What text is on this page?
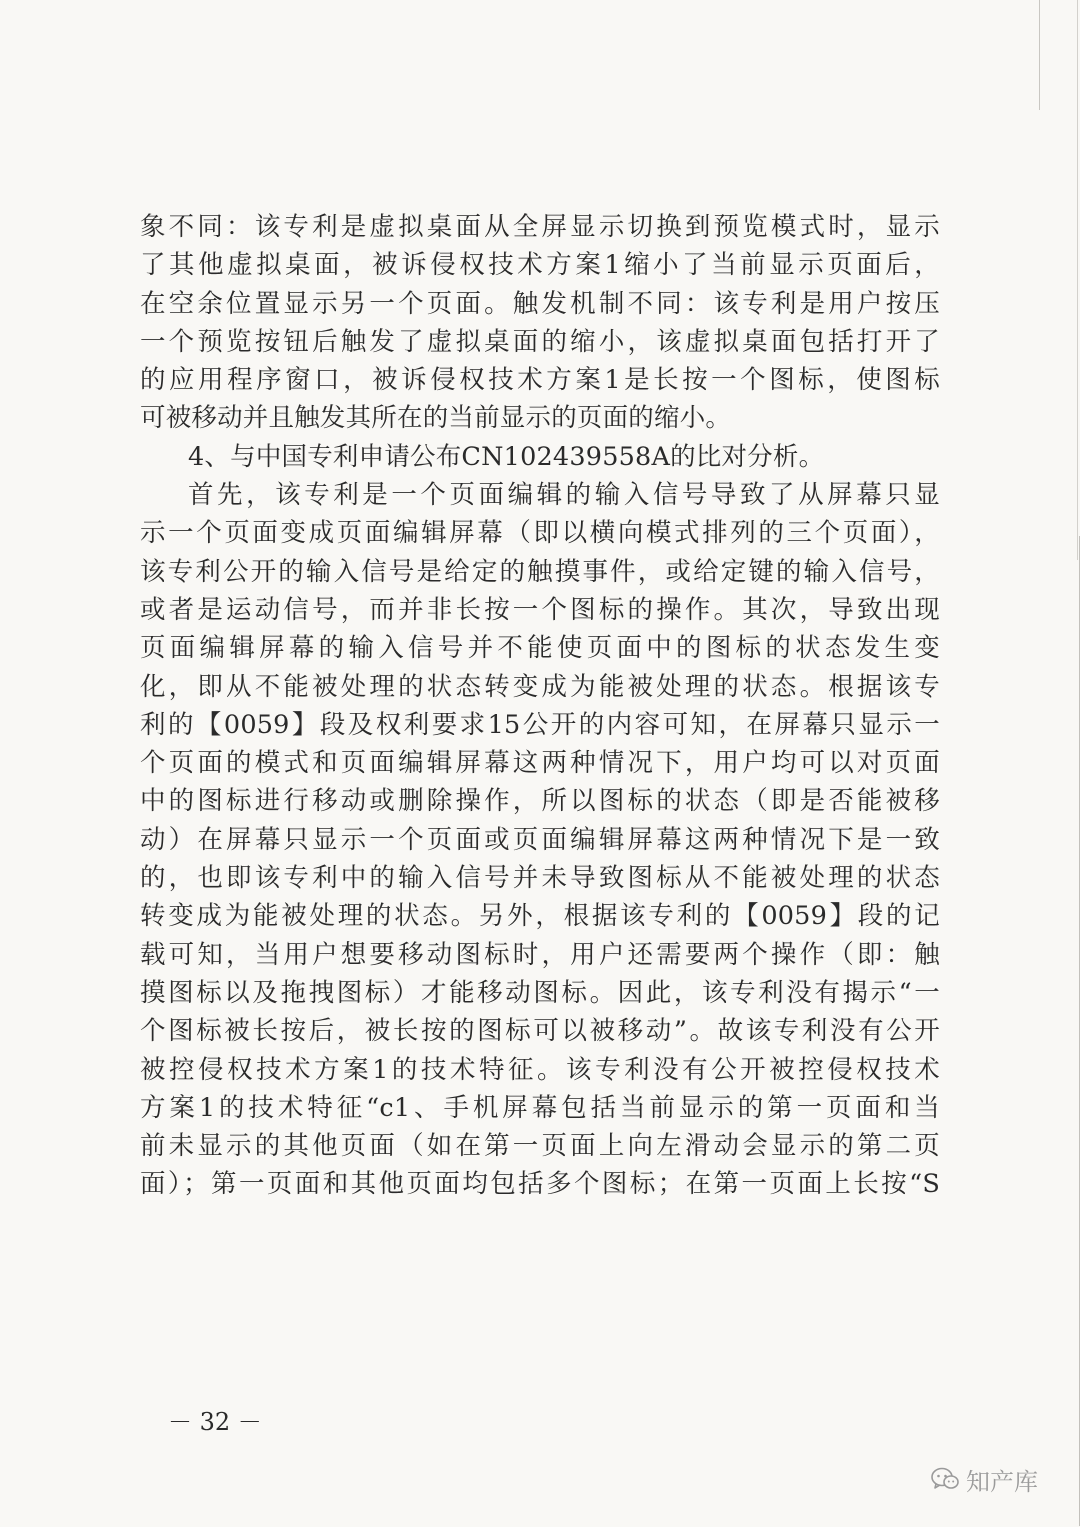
象不同：该专利是虚拟桌面从全屏显示切换到预览模式时，显示
了其他虚拟桌面，被诉侵权技术方案1缩小了当前显示页面后，
在空余位置显示另一个页面。触发机制不同：该专利是用户按压
一个预览按钮后触发了虚拟桌面的缩小，该虚拟桌面包括打开了
的应用程序窗口，被诉侵权技术方案1是长按一个图标，使图标
可被移动并且触发其所在的当前显示的页面的缩小。
4、与中国专利申请公布CN102439558A的比对分析。
首先，该专利是一个页面编辑的输入信号导致了从屏幕只显
示一个页面变成页面编辑屏幕（即以横向模式排列的三个页面），
该专利公开的输入信号是给定的触摸事件，或给定键的输入信号，
或者是运动信号，而并非长按一个图标的操作。其次，导致出现
页面编辑屏幕的输入信号并不能使页面中的图标的状态发生变
化，即从不能被处理的状态转变成为能被处理的状态。根据该专
利的【0059】段及权利要求15公开的内容可知，在屏幕只显示一
个页面的模式和页面编辑屏幕这两种情况下，用户均可以对页面
中的图标进行移动或删除操作，所以图标的状态（即是否能被移
动）在屏幕只显示一个页面或页面编辑屏幕这两种情况下是一致
的，也即该专利中的输入信号并未导致图标从不能被处理的状态
转变成为能被处理的状态。另外，根据该专利的【0059】段的记
载可知，当用户想要移动图标时，用户还需要两个操作（即：触
摸图标以及拖拽图标）才能移动图标。因此，该专利没有揭示“一
个图标被长按后，被长按的图标可以被移动”。故该专利没有公开
被控侵权技术方案1的技术特征。该专利没有公开被控侵权技术
方案1的技术特征“c1、手机屏幕包括当前显示的第一页面和当
前未显示的其他页面（如在第一页面上向左滑动会显示的第二页
面）；第一页面和其他页面均包括多个图标；在第一页面上长按“S
－ 32 －
知产库
